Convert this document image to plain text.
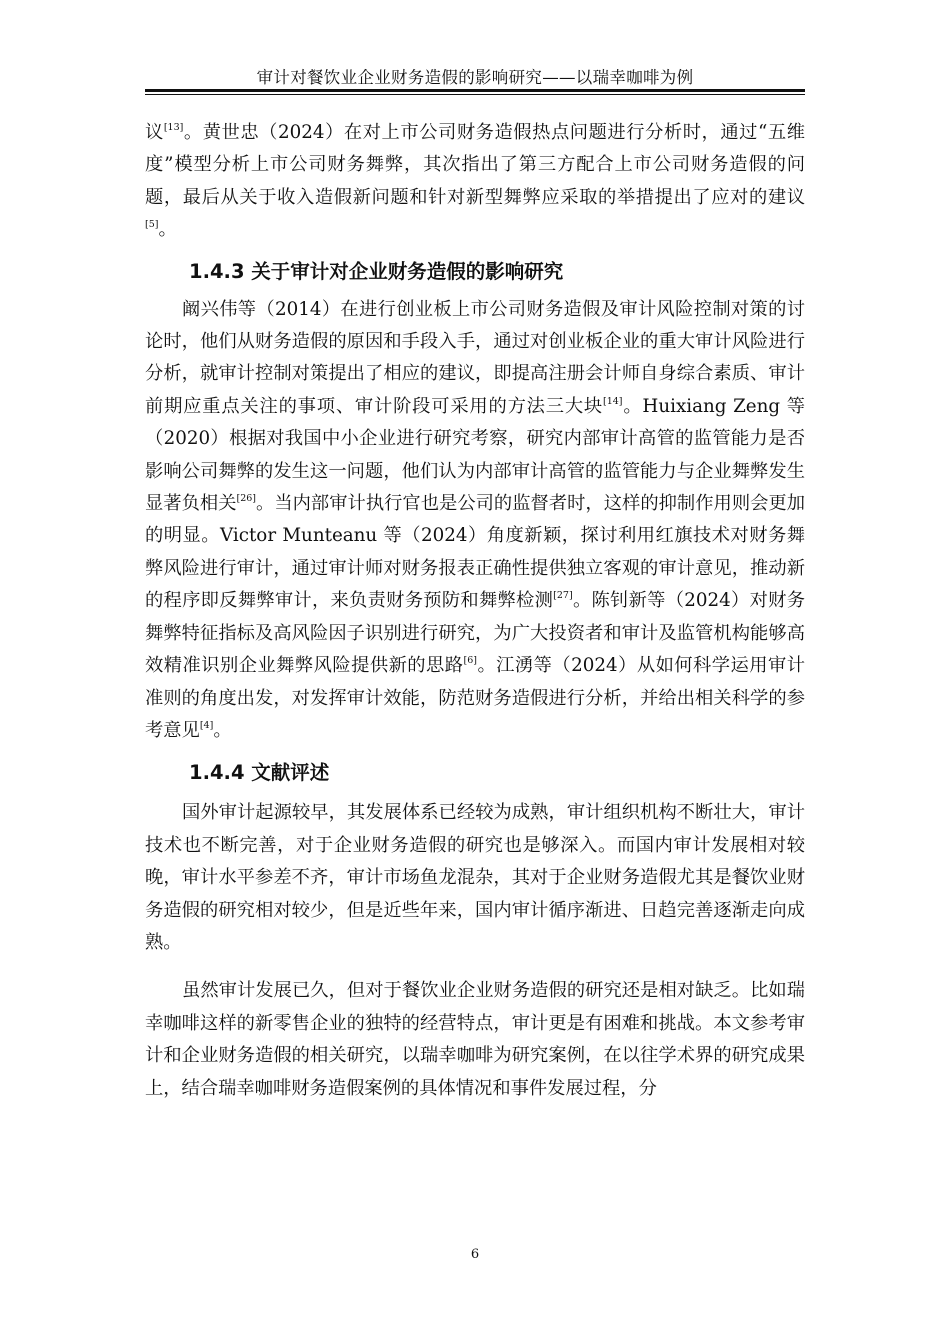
审计对餐饮业企业财务造假的影响研究——以瑞幸咖啡为例

议[13]。黄世忠（2024）在对上市公司财务造假热点问题进行分析时，通过“五维度”模型分析上市公司财务舞弊，其次指出了第三方配合上市公司财务造假的问题，最后从关于收入造假新问题和针对新型舞弊应采取的举措提出了应对的建议[5]。

1.4.3 关于审计对企业财务造假的影响研究

阚兴伟等（2014）在进行创业板上市公司财务造假及审计风险控制对策的讨论时，他们从财务造假的原因和手段入手，通过对创业板企业的重大审计风险进行分析，就审计控制对策提出了相应的建议，即提高注册会计师自身综合素质、审计前期应重点关注的事项、审计阶段可采用的方法三大块[14]。Huixiang Zeng 等（2020）根据对我国中小企业进行研究考察，研究内部审计高管的监管能力是否影响公司舞弊的发生这一问题，他们认为内部审计高管的监管能力与企业舞弊发生显著负相关[26]。当内部审计执行官也是公司的监督者时，这样的抑制作用则会更加的明显。Victor Munteanu 等（2024）角度新颖，探讨利用红旗技术对财务舞弊风险进行审计，通过审计师对财务报表正确性提供独立客观的审计意见，推动新的程序即反舞弊审计，来负责财务预防和舞弊检测[27]。陈钊新等（2024）对财务舞弊特征指标及高风险因子识别进行研究，为广大投资者和审计及监管机构能够高效精准识别企业舞弊风险提供新的思路[6]。江湧等（2024）从如何科学运用审计准则的角度出发，对发挥审计效能，防范财务造假进行分析，并给出相关科学的参考意见[4]。

1.4.4 文献评述

国外审计起源较早，其发展体系已经较为成熟，审计组织机构不断壮大，审计技术也不断完善，对于企业财务造假的研究也是够深入。而国内审计发展相对较晚，审计水平参差不齐，审计市场鱼龙混杂，其对于企业财务造假尤其是餐饮业财务造假的研究相对较少，但是近些年来，国内审计循序渐进、日趋完善逐渐走向成熟。

虽然审计发展已久，但对于餐饮业企业财务造假的研究还是相对缺乏。比如瑞幸咖啡这样的新零售企业的独特的经营特点，审计更是有困难和挑战。本文参考审计和企业财务造假的相关研究，以瑞幸咖啡为研究案例，在以往学术界的研究成果上，结合瑞幸咖啡财务造假案例的具体情况和事件发展过程，分

6
